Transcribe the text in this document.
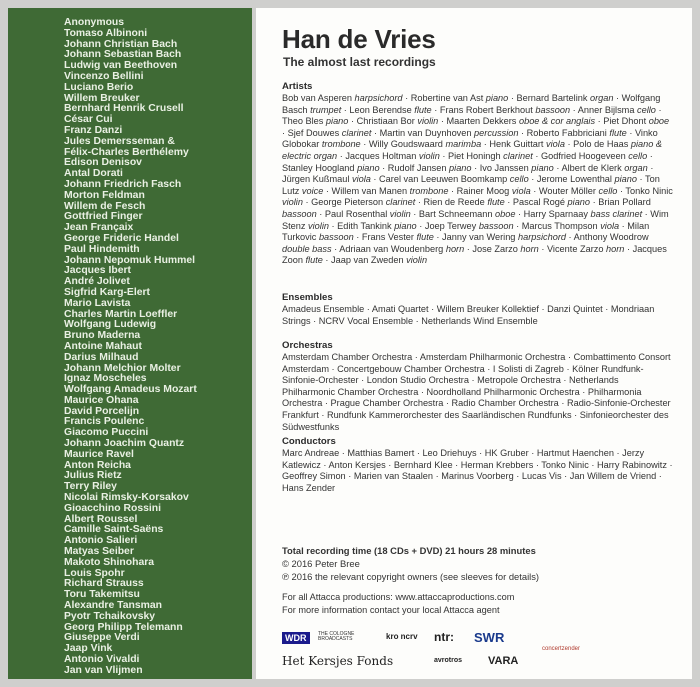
Anonymous
Tomaso Albinoni
Johann Christian Bach
Johann Sebastian Bach
Ludwig van Beethoven
Vincenzo Bellini
Luciano Berio
Willem Breuker
Bernhard Henrik Crusell
César Cui
Franz Danzi
Jules Demersseman &
Félix-Charles Berthélemy
Edison Denisov
Antal Dorati
Johann Friedrich Fasch
Morton Feldman
Willem de Fesch
Gottfried Finger
Jean Françaix
George Frideric Handel
Paul Hindemith
Johann Nepomuk Hummel
Jacques Ibert
André Jolivet
Sigfrid Karg-Elert
Mario Lavista
Charles Martin Loeffler
Wolfgang Ludewig
Bruno Maderna
Antoine Mahaut
Darius Milhaud
Johann Melchior Molter
Ignaz Moscheles
Wolfgang Amadeus Mozart
Maurice Ohana
David Porcelijn
Francis Poulenc
Giacomo Puccini
Johann Joachim Quantz
Maurice Ravel
Anton Reicha
Julius Rietz
Terry Riley
Nicolai Rimsky-Korsakov
Gioacchino Rossini
Albert Roussel
Camille Saint-Saëns
Antonio Salieri
Matyas Seiber
Makoto Shinohara
Louis Spohr
Richard Strauss
Toru Takemitsu
Alexandre Tansman
Pyotr Tchaikovsky
Georg Philipp Telemann
Giuseppe Verdi
Jaap Vink
Antonio Vivaldi
Jan van Vlijmen
Han de Vries
The almost last recordings
Artists

Bob van Asperen harpsichord · Robertine van Ast piano · Bernard Bartelink organ · Wolfgang Basch trumpet · Leon Berendse flute · Frans Robert Berkhout bassoon · Anner Bijlsma cello · Theo Bles piano · Christiaan Bor violin · Maarten Dekkers oboe & cor anglais · Piet Dhont oboe · Sjef Douwes clarinet · Martin van Duynhoven percussion · Roberto Fabbriciani flute · Vinko Globokar trombone · Willy Goudswaard marimba · Henk Guittart viola · Polo de Haas piano & electric organ · Jacques Holtman violin · Piet Honingh clarinet · Godfried Hoogeveen cello · Stanley Hoogland piano · Rudolf Jansen piano · Ivo Janssen piano · Albert de Klerk organ · Jürgen Kußmaul viola · Carel van Leeuwen Boomkamp cello · Jerome Lowenthal piano · Ton Lutz voice · Willem van Manen trombone · Rainer Moog viola · Wouter Möller cello · Tonko Ninic violin · George Pieterson clarinet · Rien de Reede flute · Pascal Rogé piano · Brian Pollard bassoon · Paul Rosenthal violin · Bart Schneemann oboe · Harry Sparnaay bass clarinet · Wim Stenz violin · Edith Tankink piano · Joep Terwey bassoon · Marcus Thompson viola · Milan Turkovic bassoon · Frans Vester flute · Janny van Wering harpsichord · Anthony Woodrow double bass · Adriaan van Woudenberg horn · Jose Zarzo horn · Vicente Zarzo horn · Jacques Zoon flute · Jaap van Zweden violin

Ensembles

Amadeus Ensemble · Amati Quartet · Willem Breuker Kollektief · Danzi Quintet · Mondriaan Strings · NCRV Vocal Ensemble · Netherlands Wind Ensemble

Orchestras

Amsterdam Chamber Orchestra · Amsterdam Philharmonic Orchestra · Combattimento Consort Amsterdam · Concertgebouw Chamber Orchestra · I Solisti di Zagreb · Kölner Rundfunk-Sinfonie-Orchester · London Studio Orchestra · Metropole Orchestra · Netherlands Philharmonic Chamber Orchestra · Noordholland Philharmonic Orchestra · Philharmonia Orchestra · Prague Chamber Orchestra · Radio Chamber Orchestra · Radio-Sinfonie-Orchester Frankfurt · Rundfunk Kammerorchester des Saarländischen Rundfunks · Sinfonieorchester des Südwestfunks

Conductors

Marc Andreae · Matthias Bamert · Leo Driehuys · HK Gruber · Hartmut Haenchen · Jerzy Katlewicz · Anton Kersjes · Bernhard Klee · Herman Krebbers · Tonko Ninic · Harry Rabinowitz · Geoffrey Simon · Marien van Staalen · Marinus Voorberg · Lucas Vis · Jan Willem de Vriend · Hans Zender

Total recording time (18 CDs + DVD) 21 hours 28 minutes
© 2016 Peter Bree
℗ 2016 the relevant copyright owners (see sleeves for details)
For all Attacca productions: www.attaccaproductions.com
For more information contact your local Attacca agent
WDR	THE COLOGNE
BROADCASTS	kro ncrv ntr: SWR
concertzender
Het Kersjes Fonds	avrotros VARA
